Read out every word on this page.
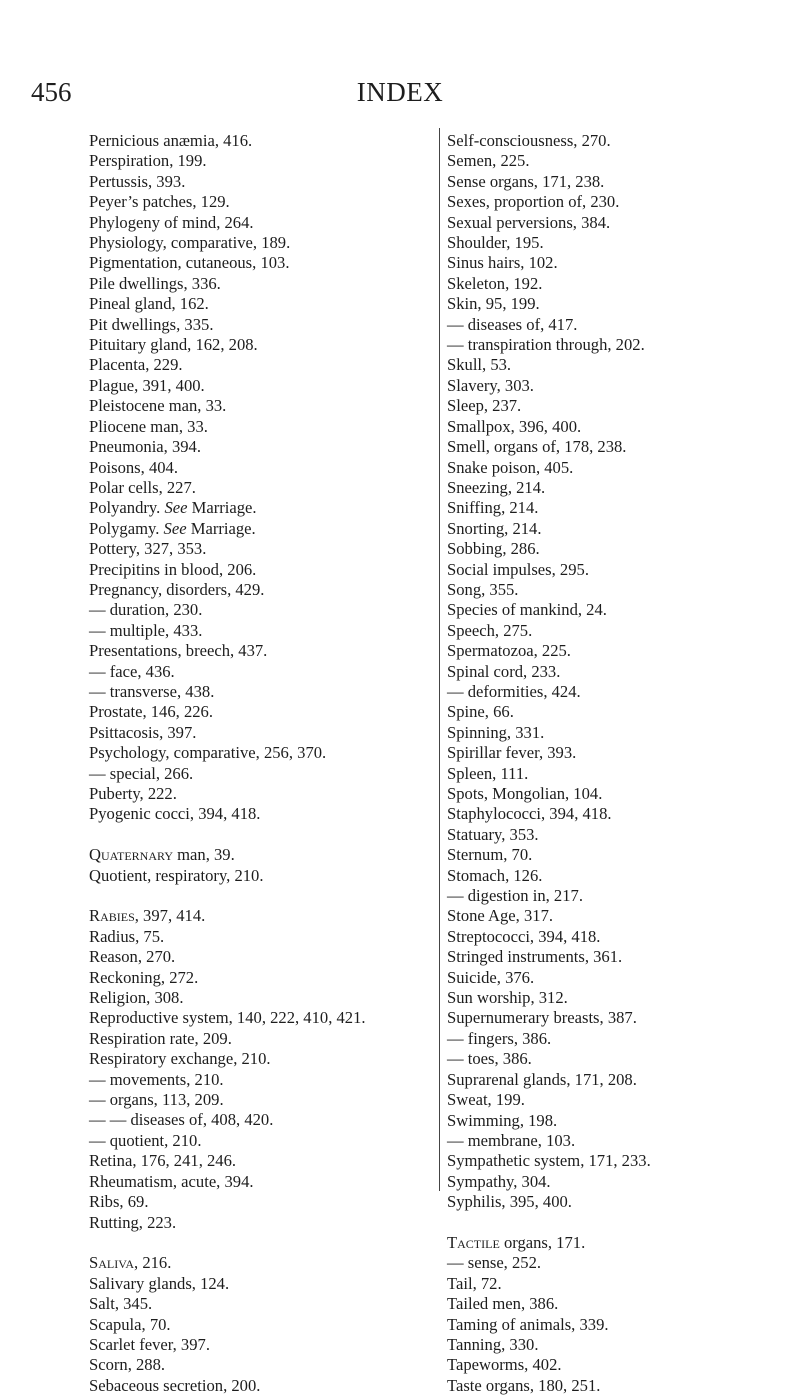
456	INDEX
Pernicious anæmia, 416.
Perspiration, 199.
Pertussis, 393.
Peyer’s patches, 129.
Phylogeny of mind, 264.
Physiology, comparative, 189.
Pigmentation, cutaneous, 103.
Pile dwellings, 336.
Pineal gland, 162.
Pit dwellings, 335.
Pituitary gland, 162, 208.
Placenta, 229.
Plague, 391, 400.
Pleistocene man, 33.
Pliocene man, 33.
Pneumonia, 394.
Poisons, 404.
Polar cells, 227.
Polyandry. See Marriage.
Polygamy. See Marriage.
Pottery, 327, 353.
Precipitins in blood, 206.
Pregnancy, disorders, 429.
— duration, 230.
— multiple, 433.
Presentations, breech, 437.
— face, 436.
— transverse, 438.
Prostate, 146, 226.
Psittacosis, 397.
Psychology, comparative, 256, 370.
— special, 266.
Puberty, 222.
Pyogenic cocci, 394, 418.
Quaternary man, 39.
Quotient, respiratory, 210.
Rabies, 397, 414.
Radius, 75.
Reason, 270.
Reckoning, 272.
Religion, 308.
Reproductive system, 140, 222, 410, 421.
Respiration rate, 209.
Respiratory exchange, 210.
— movements, 210.
— organs, 113, 209.
— — diseases of, 408, 420.
— quotient, 210.
Retina, 176, 241, 246.
Rheumatism, acute, 394.
Ribs, 69.
Rutting, 223.
Saliva, 216.
Salivary glands, 124.
Salt, 345.
Scapula, 70.
Scarlet fever, 397.
Scorn, 288.
Sebaceous secretion, 200.
Self-consciousness, 270.
Semen, 225.
Sense organs, 171, 238.
Sexes, proportion of, 230.
Sexual perversions, 384.
Shoulder, 195.
Sinus hairs, 102.
Skeleton, 192.
Skin, 95, 199.
— diseases of, 417.
— transpiration through, 202.
Skull, 53.
Slavery, 303.
Sleep, 237.
Smallpox, 396, 400.
Smell, organs of, 178, 238.
Snake poison, 405.
Sneezing, 214.
Sniffing, 214.
Snorting, 214.
Sobbing, 286.
Social impulses, 295.
Song, 355.
Species of mankind, 24.
Speech, 275.
Spermatozoa, 225.
Spinal cord, 233.
— deformities, 424.
Spine, 66.
Spinning, 331.
Spirillar fever, 393.
Spleen, 111.
Spots, Mongolian, 104.
Staphylococci, 394, 418.
Statuary, 353.
Sternum, 70.
Stomach, 126.
— digestion in, 217.
Stone Age, 317.
Streptococci, 394, 418.
Stringed instruments, 361.
Suicide, 376.
Sun worship, 312.
Supernumerary breasts, 387.
— fingers, 386.
— toes, 386.
Suprarenal glands, 171, 208.
Sweat, 199.
Swimming, 198.
— membrane, 103.
Sympathetic system, 171, 233.
Sympathy, 304.
Syphilis, 395, 400.
Tactile organs, 171.
— sense, 252.
Tail, 72.
Tailed men, 386.
Taming of animals, 339.
Tanning, 330.
Tapeworms, 402.
Taste organs, 180, 251.
